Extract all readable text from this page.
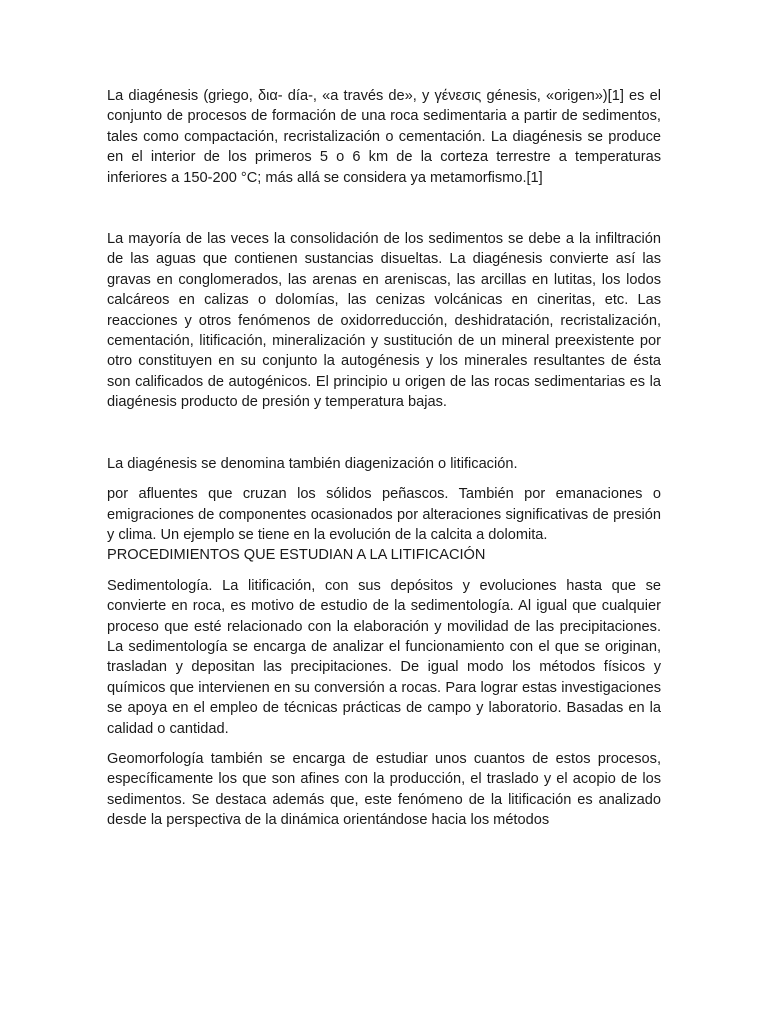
La diagénesis (griego, δια- día-, «a través de», y γένεσις génesis, «origen»)[1] es el conjunto de procesos de formación de una roca sedimentaria a partir de sedimentos, tales como compactación, recristalización o cementación. La diagénesis se produce en el interior de los primeros 5 o 6 km de la corteza terrestre a temperaturas inferiores a 150-200 °C; más allá se considera ya metamorfismo.[1]

La mayoría de las veces la consolidación de los sedimentos se debe a la infiltración de las aguas que contienen sustancias disueltas. La diagénesis convierte así las gravas en conglomerados, las arenas en areniscas, las arcillas en lutitas, los lodos calcáreos en calizas o dolomías, las cenizas volcánicas en cineritas, etc. Las reacciones y otros fenómenos de oxidorreducción, deshidratación, recristalización, cementación, litificación, mineralización y sustitución de un mineral preexistente por otro constituyen en su conjunto la autogénesis y los minerales resultantes de ésta son calificados de autogénicos. El principio u origen de las rocas sedimentarias es la diagénesis producto de presión y temperatura bajas.

La diagénesis se denomina también diagenización o litificación.

por afluentes que cruzan los sólidos peñascos. También por emanaciones o emigraciones de componentes ocasionados por alteraciones significativas de presión y clima. Un ejemplo se tiene en la evolución de la calcita a dolomita.

PROCEDIMIENTOS QUE ESTUDIAN A LA LITIFICACIÓN

Sedimentología. La litificación, con sus depósitos y evoluciones hasta que se convierte en roca, es motivo de estudio de la sedimentología. Al igual que cualquier proceso que esté relacionado con la elaboración y movilidad de las precipitaciones. La sedimentología se encarga de analizar el funcionamiento con el que se originan, trasladan y depositan las precipitaciones. De igual modo los métodos físicos y químicos que intervienen en su conversión a rocas. Para lograr estas investigaciones se apoya en el empleo de técnicas prácticas de campo y laboratorio. Basadas en la calidad o cantidad.

Geomorfología también se encarga de estudiar unos cuantos de estos procesos, específicamente los que son afines con la producción, el traslado y el acopio de los sedimentos. Se destaca además que, este fenómeno de la litificación es analizado desde la perspectiva de la dinámica orientándose hacia los métodos
